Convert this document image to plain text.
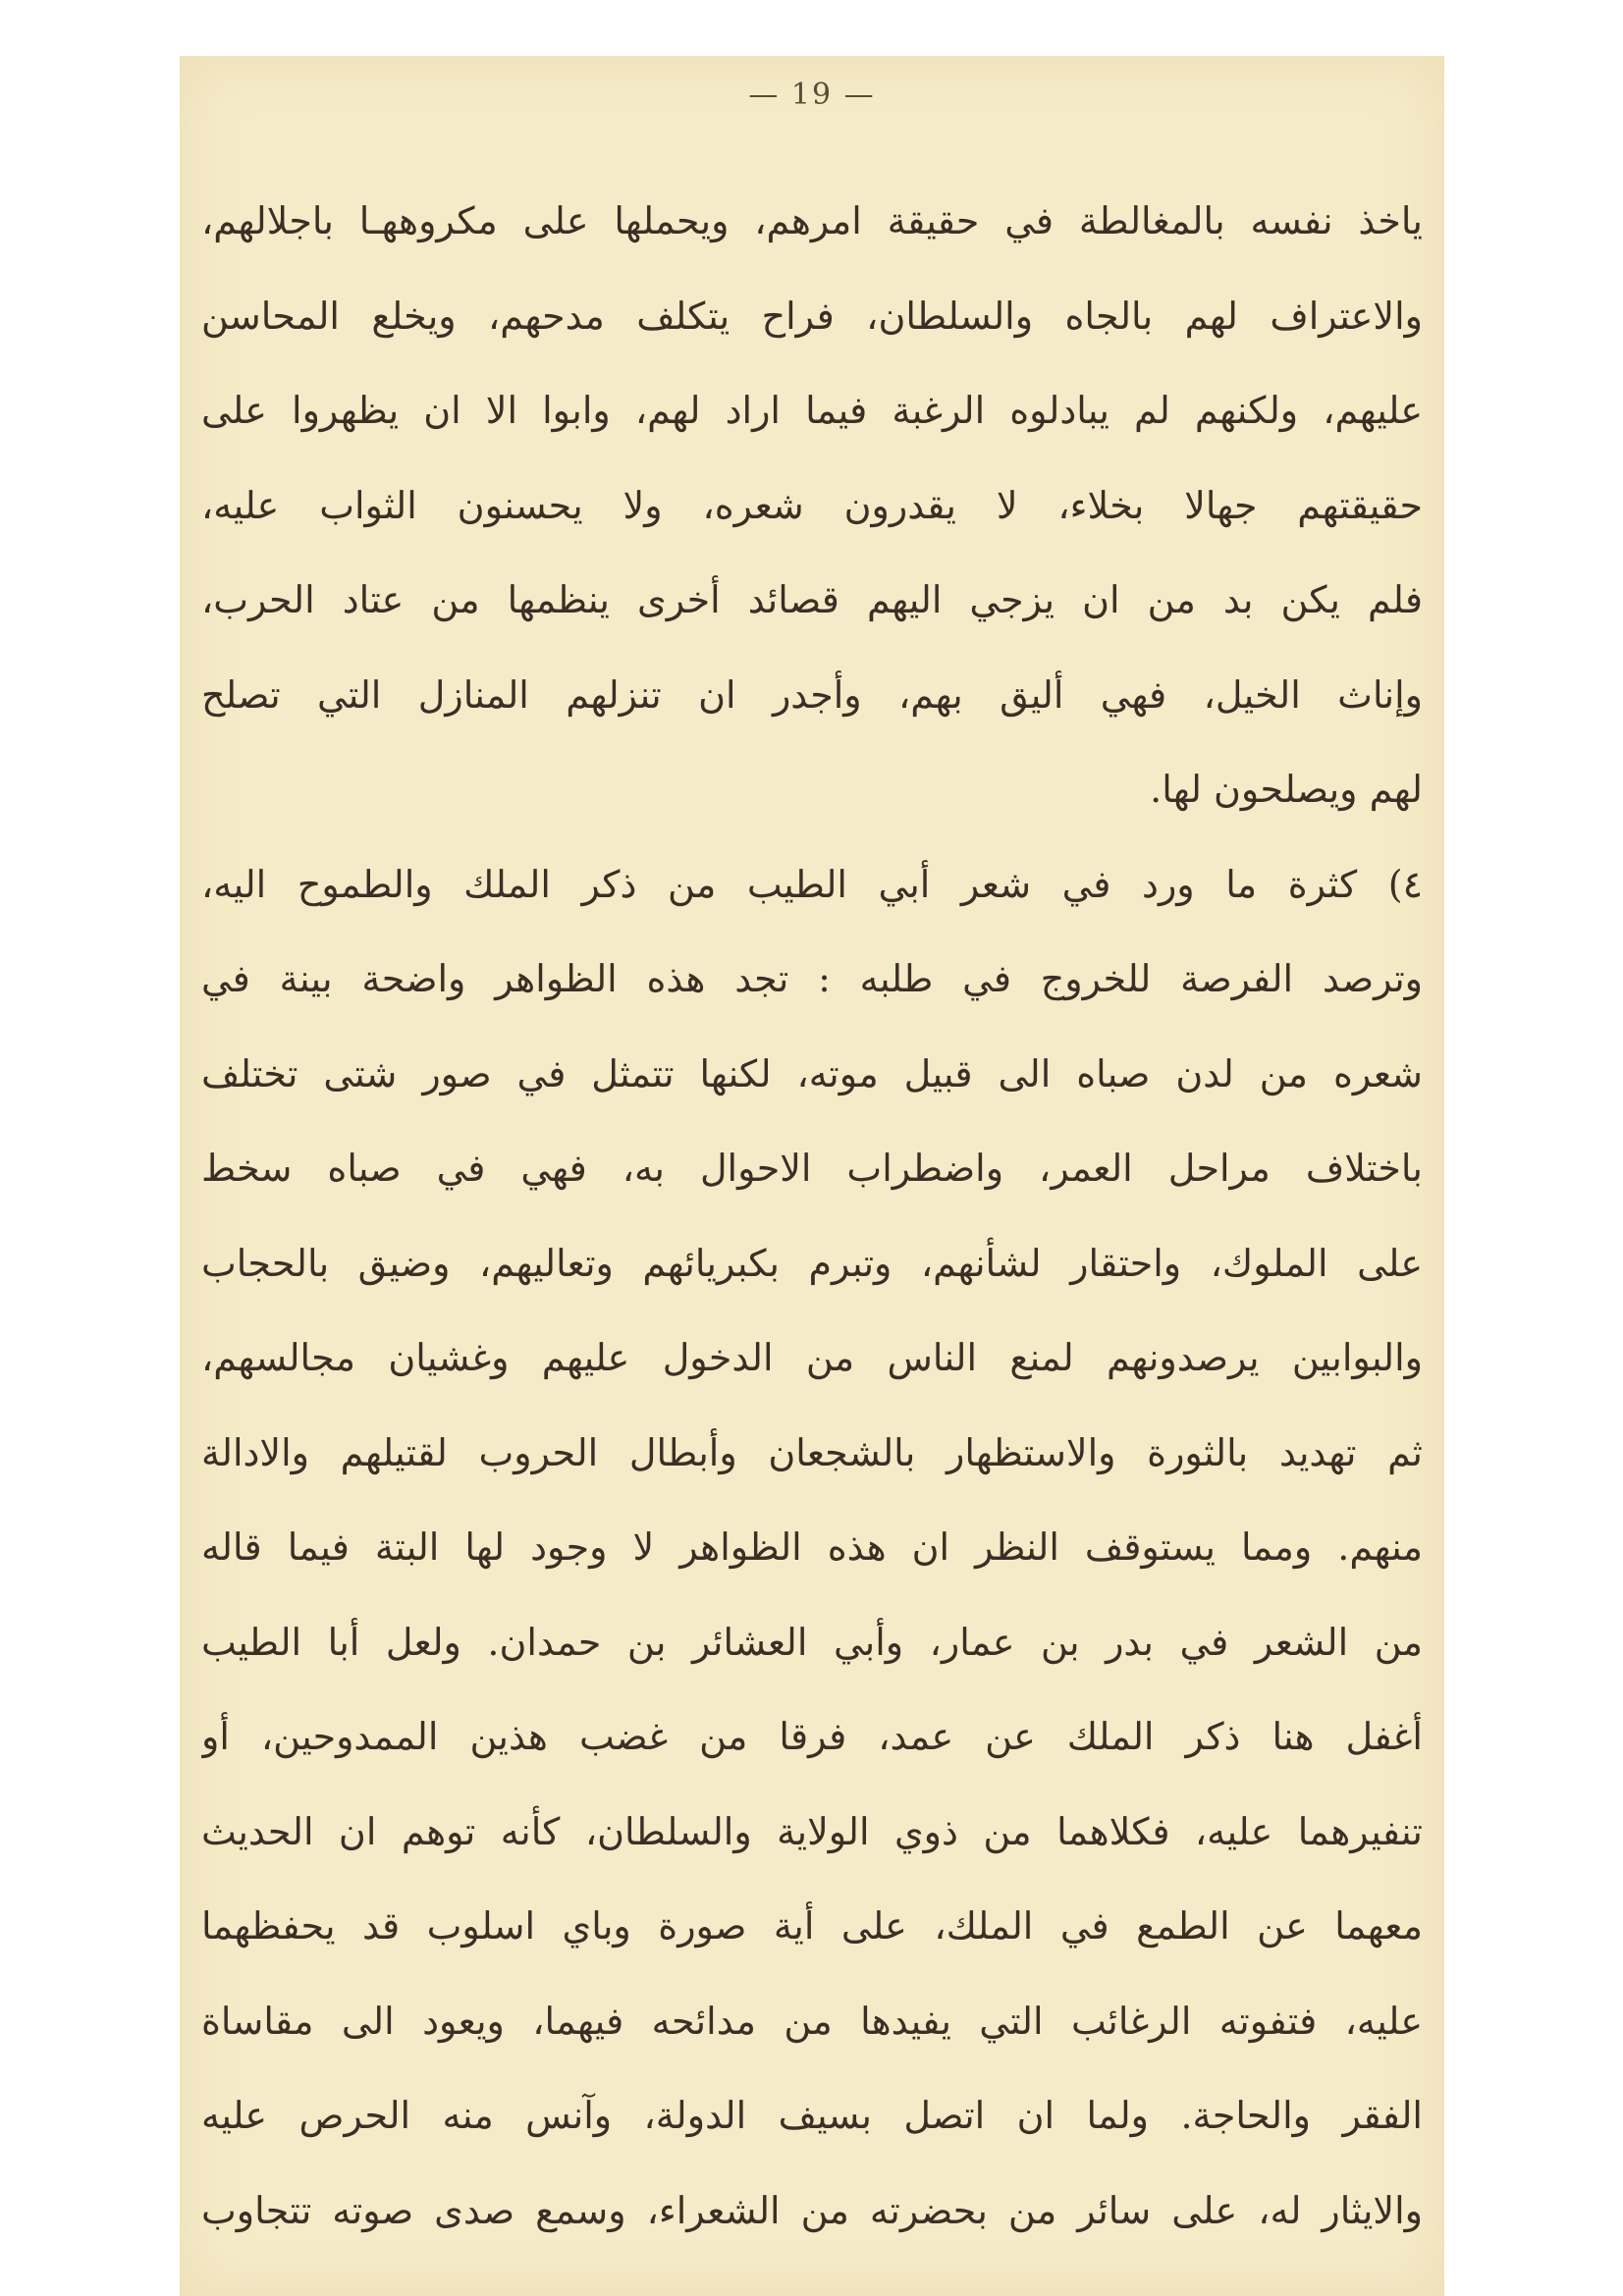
— 19 —
ياخذ نفسه بالمغالطة في حقيقة امرهم، ويحملها على مكروههـا باجلالهم،
والاعتراف لهم بالجاه والسلطان، فراح يتكلف مدحهم، ويخلع المحاسن
عليهم، ولكنهم لم يبادلوه الرغبة فيما اراد لهم، وابوا الا ان يظهروا على
حقيقتهم جهالا بخلاء، لا يقدرون شعره، ولا يحسنون الثواب عليه،
فلم يكن بد من ان يزجي اليهم قصائد أخرى ينظمها من عتاد الحرب،
وإناث الخيل، فهي أليق بهم، وأجدر ان تنزلهم المنازل التي تصلح
لهم ويصلحون لها.
٤) كثرة ما ورد في شعر أبي الطيب من ذكر الملك والطموح اليه،
وترصد الفرصة للخروج في طلبه : تجد هذه الظواهر واضحة بينة في
شعره من لدن صباه الى قبيل موته، لكنها تتمثل في صور شتى تختلف
باختلاف مراحل العمر، واضطراب الاحوال به، فهي في صباه سخط
على الملوك، واحتقار لشأنهم، وتبرم بكبريائهم وتعاليهم، وضيق بالحجاب
والبوابين يرصدونهم لمنع الناس من الدخول عليهم وغشيان مجالسهم،
ثم تهديد بالثورة والاستظهار بالشجعان وأبطال الحروب لقتيلهم والادالة
منهم. ومما يستوقف النظر ان هذه الظواهر لا وجود لها البتة فيما قاله
من الشعر في بدر بن عمار، وأبي العشائر بن حمدان. ولعل أبا الطيب
أغفل هنا ذكر الملك عن عمد، فرقا من غضب هذين الممدوحين، أو
تنفيرهما عليه، فكلاهما من ذوي الولاية والسلطان، كأنه توهم ان الحديث
معهما عن الطمع في الملك، على أية صورة وباي اسلوب قد يحفظهما
عليه، فتفوته الرغائب التي يفيدها من مدائحه فيهما، ويعود الى مقاساة
الفقر والحاجة. ولما ان اتصل بسيف الدولة، وآنس منه الحرص عليه
والايثار له، على سائر من بحضرته من الشعراء، وسمع صدى صوته تتجاوب
